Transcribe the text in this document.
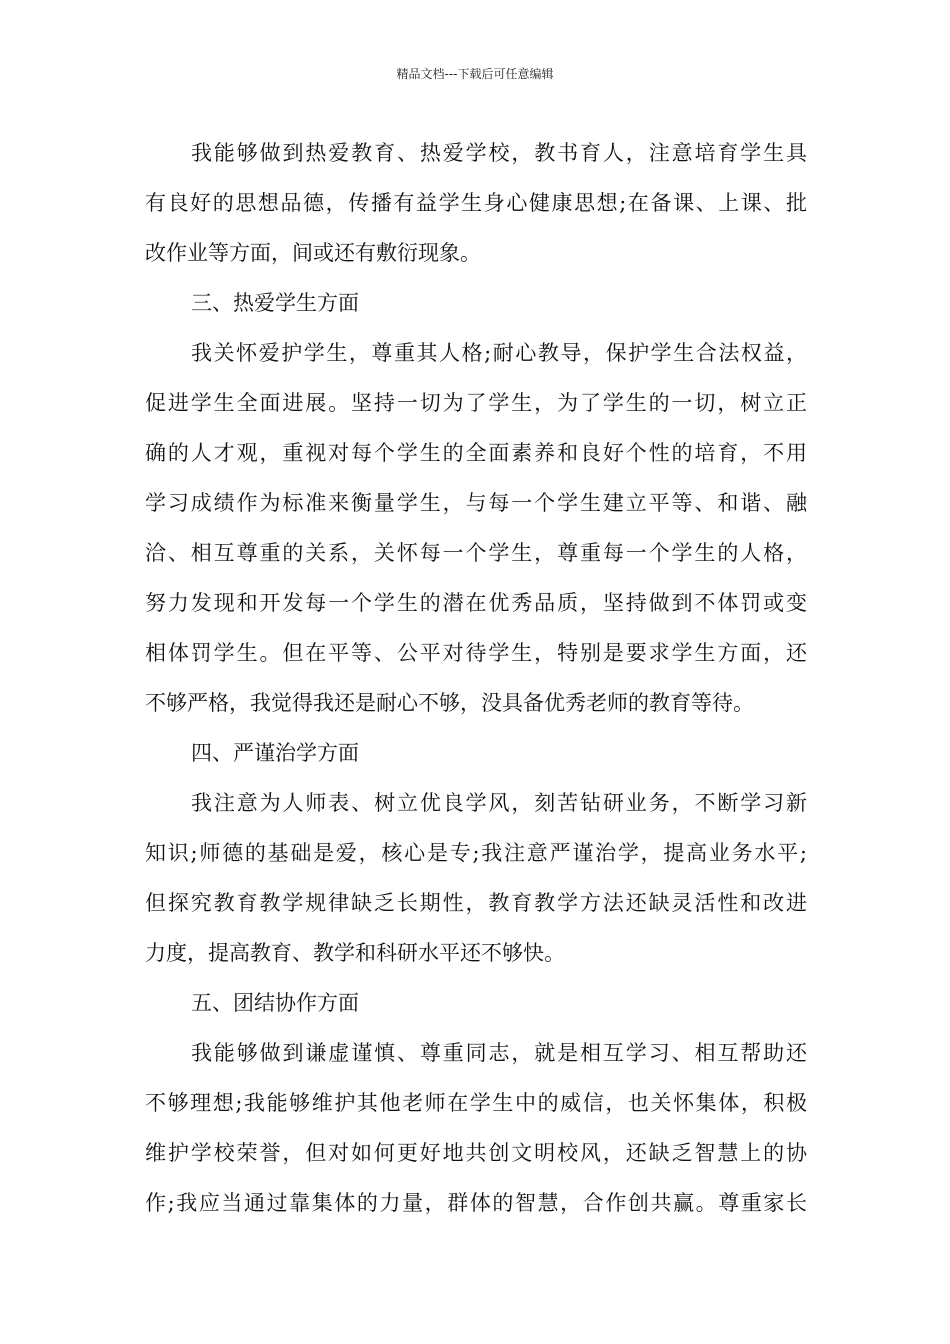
精品文档---下载后可任意编辑
我能够做到热爱教育、热爱学校，教书育人，注意培育学生具
有良好的思想品德，传播有益学生身心健康思想;在备课、上课、批
改作业等方面，间或还有敷衍现象。
三、热爱学生方面
我关怀爱护学生，尊重其人格;耐心教导，保护学生合法权益，
促进学生全面进展。坚持一切为了学生，为了学生的一切，树立正
确的人才观，重视对每个学生的全面素养和良好个性的培育，不用
学习成绩作为标准来衡量学生，与每一个学生建立平等、和谐、融
洽、相互尊重的关系，关怀每一个学生，尊重每一个学生的人格，
努力发现和开发每一个学生的潜在优秀品质，坚持做到不体罚或变
相体罚学生。但在平等、公平对待学生，特别是要求学生方面，还
不够严格，我觉得我还是耐心不够，没具备优秀老师的教育等待。
四、严谨治学方面
我注意为人师表、树立优良学风，刻苦钻研业务，不断学习新
知识;师德的基础是爱，核心是专;我注意严谨治学，提高业务水平;
但探究教育教学规律缺乏长期性，教育教学方法还缺灵活性和改进
力度，提高教育、教学和科研水平还不够快。
五、团结协作方面
我能够做到谦虚谨慎、尊重同志，就是相互学习、相互帮助还
不够理想;我能够维护其他老师在学生中的威信，也关怀集体，积极
维护学校荣誉，但对如何更好地共创文明校风，还缺乏智慧上的协
作;我应当通过靠集体的力量，群体的智慧，合作创共赢。尊重家长
